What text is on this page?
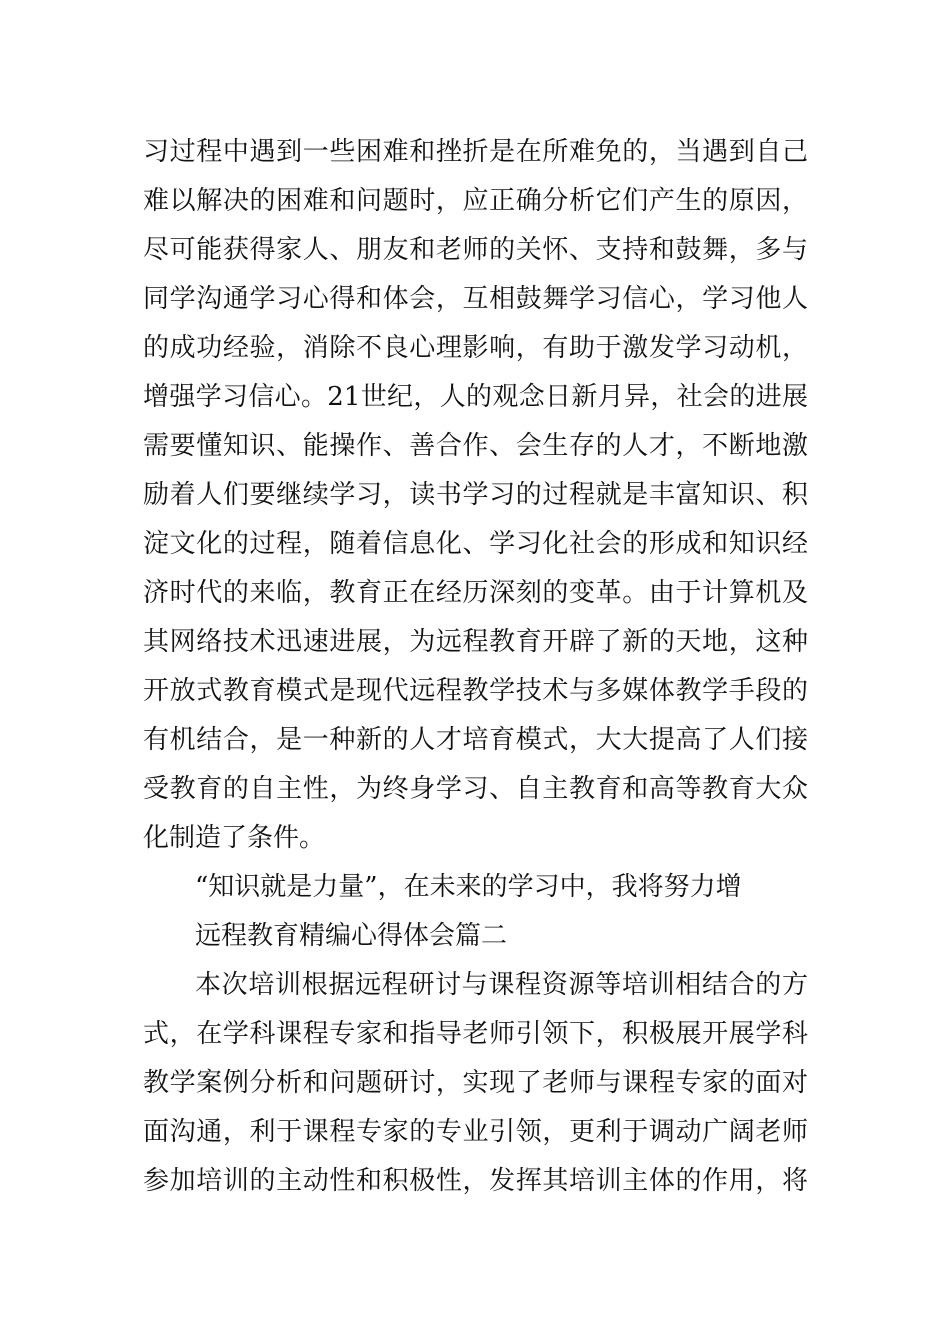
习过程中遇到一些困难和挫折是在所难免的，当遇到自己
难以解决的困难和问题时，应正确分析它们产生的原因，
尽可能获得家人、朋友和老师的关怀、支持和鼓舞，多与
同学沟通学习心得和体会，互相鼓舞学习信心，学习他人
的成功经验，消除不良心理影响，有助于激发学习动机，
增强学习信心。21世纪，人的观念日新月异，社会的进展
需要懂知识、能操作、善合作、会生存的人才，不断地激
励着人们要继续学习，读书学习的过程就是丰富知识、积
淀文化的过程，随着信息化、学习化社会的形成和知识经
济时代的来临，教育正在经历深刻的变革。由于计算机及
其网络技术迅速进展，为远程教育开辟了新的天地，这种
开放式教育模式是现代远程教学技术与多媒体教学手段的
有机结合，是一种新的人才培育模式，大大提高了人们接
受教育的自主性，为终身学习、自主教育和高等教育大众
化制造了条件。
“知识就是力量”，在未来的学习中，我将努力增
远程教育精编心得体会篇二
本次培训根据远程研讨与课程资源等培训相结合的方
式，在学科课程专家和指导老师引领下，积极展开展学科
教学案例分析和问题研讨，实现了老师与课程专家的面对
面沟通，利于课程专家的专业引领，更利于调动广阔老师
参加培训的主动性和积极性，发挥其培训主体的作用，将
